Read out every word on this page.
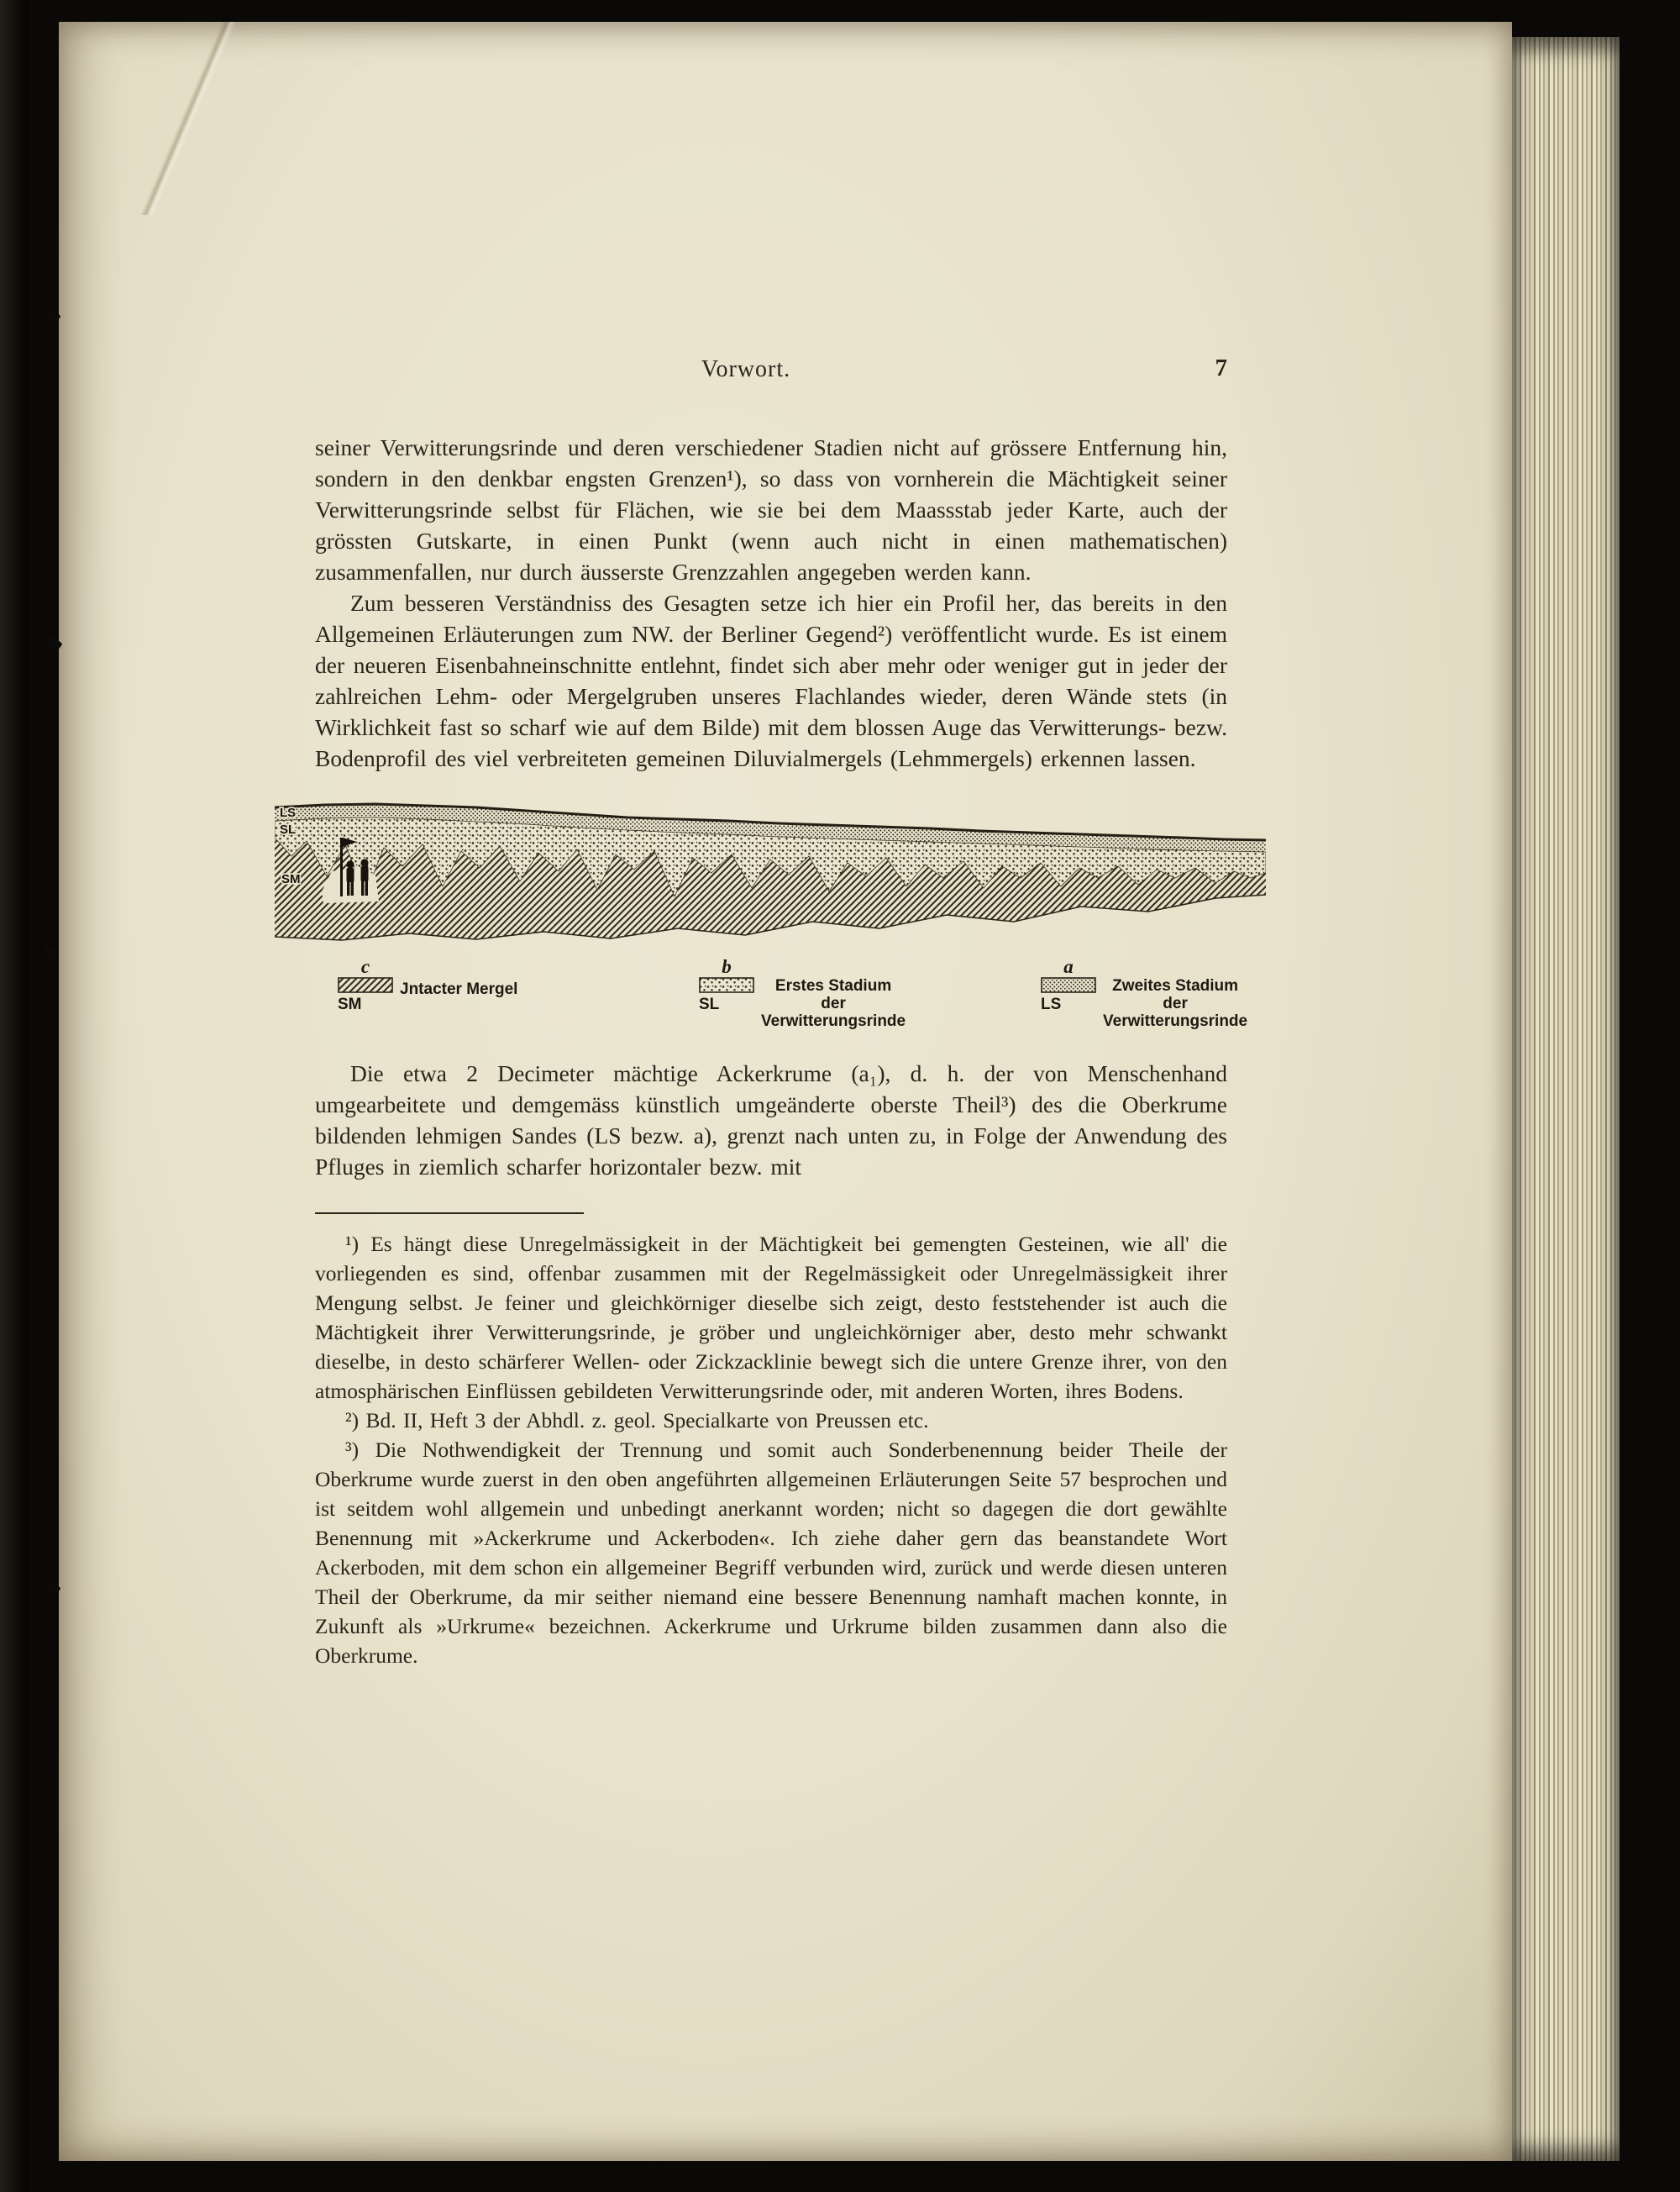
Vorwort.	7

seiner Verwitterungsrinde und deren verschiedener Stadien nicht auf grössere Entfernung hin, sondern in den denkbar engsten Grenzen¹), so dass von vornherein die Mächtigkeit seiner Verwitterungsrinde selbst für Flächen, wie sie bei dem Maassstab jeder Karte, auch der grössten Gutskarte, in einen Punkt (wenn auch nicht in einen mathematischen) zusammenfallen, nur durch äusserste Grenzzahlen angegeben werden kann.

Zum besseren Verständniss des Gesagten setze ich hier ein Profil her, das bereits in den Allgemeinen Erläuterungen zum NW. der Berliner Gegend²) veröffentlicht wurde. Es ist einem der neueren Eisenbahneinschnitte entlehnt, findet sich aber mehr oder weniger gut in jeder der zahlreichen Lehm- oder Mergelgruben unseres Flachlandes wieder, deren Wände stets (in Wirklichkeit fast so scharf wie auf dem Bilde) mit dem blossen Auge das Verwitterungs- bezw. Bodenprofil des viel verbreiteten gemeinen Diluvialmergels (Lehmmergels) erkennen lassen.

LS
SL
SM
c
SM
Jntacter Mergel
b
SL
Erstes Stadium
der
Verwitterungsrinde
a
LS
Zweites Stadium
der
Verwitterungsrinde

Die etwa 2 Decimeter mächtige Ackerkrume (a₁), d. h. der von Menschenhand umgearbeitete und demgemäss künstlich umgeänderte oberste Theil³) des die Oberkrume bildenden lehmigen Sandes (LS bezw. a), grenzt nach unten zu, in Folge der Anwendung des Pfluges in ziemlich scharfer horizontaler bezw. mit

¹) Es hängt diese Unregelmässigkeit in der Mächtigkeit bei gemengten Gesteinen, wie all' die vorliegenden es sind, offenbar zusammen mit der Regelmässigkeit oder Unregelmässigkeit ihrer Mengung selbst. Je feiner und gleichkörniger dieselbe sich zeigt, desto feststehender ist auch die Mächtigkeit ihrer Verwitterungsrinde, je gröber und ungleichkörniger aber, desto mehr schwankt dieselbe, in desto schärferer Wellen- oder Zickzacklinie bewegt sich die untere Grenze ihrer, von den atmosphärischen Einflüssen gebildeten Verwitterungsrinde oder, mit anderen Worten, ihres Bodens.

²) Bd. II, Heft 3 der Abhdl. z. geol. Specialkarte von Preussen etc.

³) Die Nothwendigkeit der Trennung und somit auch Sonderbenennung beider Theile der Oberkrume wurde zuerst in den oben angeführten allgemeinen Erläuterungen Seite 57 besprochen und ist seitdem wohl allgemein und unbedingt anerkannt worden; nicht so dagegen die dort gewählte Benennung mit »Ackerkrume und Ackerboden«. Ich ziehe daher gern das beanstandete Wort Ackerboden, mit dem schon ein allgemeiner Begriff verbunden wird, zurück und werde diesen unteren Theil der Oberkrume, da mir seither niemand eine bessere Benennung namhaft machen konnte, in Zukunft als »Urkrume« bezeichnen. Ackerkrume und Urkrume bilden zusammen dann also die Oberkrume.
